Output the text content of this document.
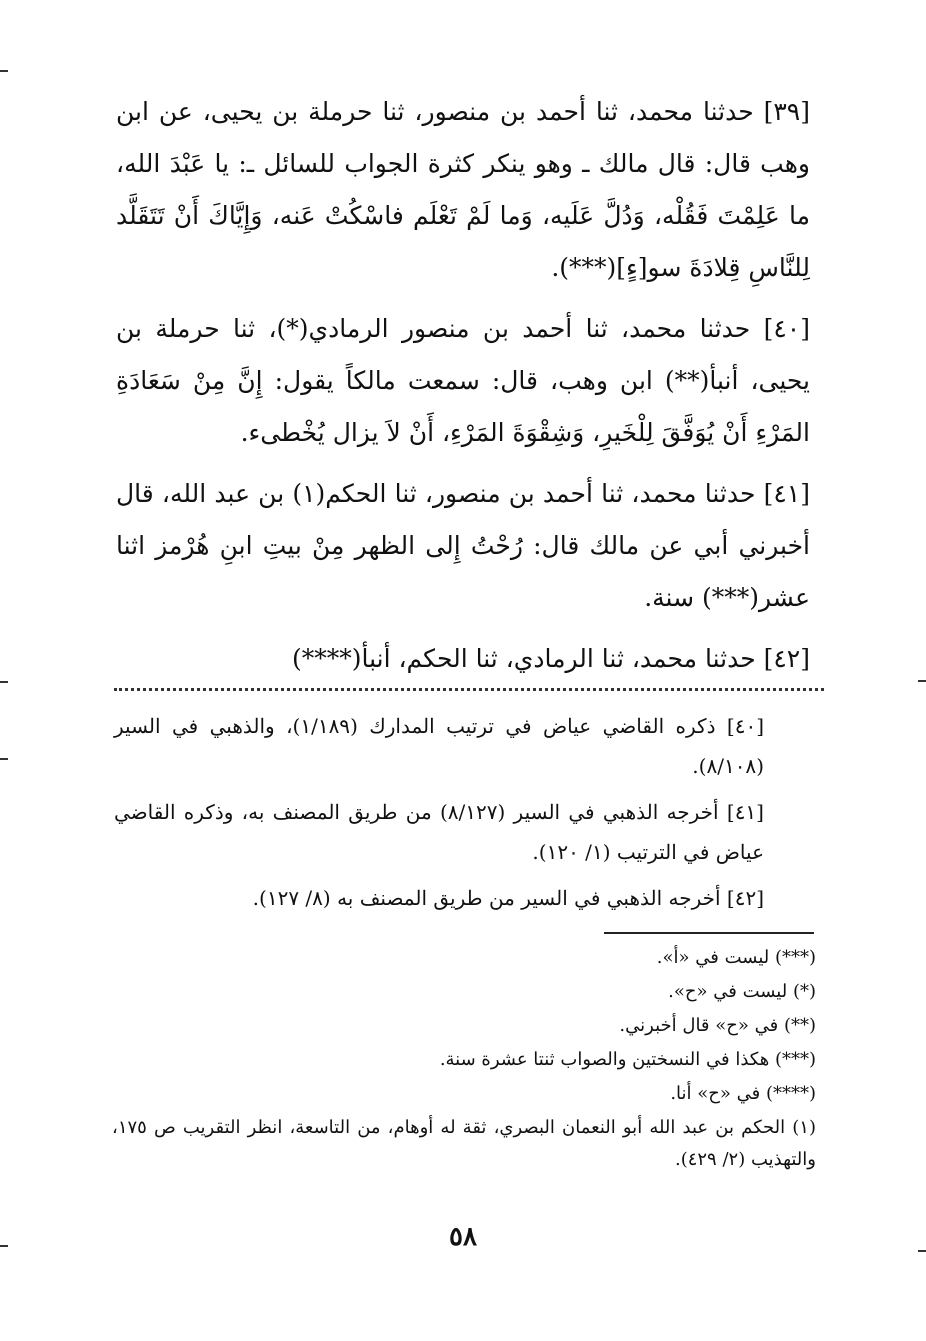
[٣٩] حدثنا محمد، ثنا أحمد بن منصور، ثنا حرملة بن يحيى، عن ابن وهب قال: قال مالك ـ وهو ينكر كثرة الجواب للسائل ـ: يا عَبْدَ الله، ما عَلِمْتَ فَقُلْه، وَدُلَّ عَلَيه، وَما لَمْ تَعْلَم فاسْكُتْ عَنه، وَإِيَّاكَ أَنْ تَتَقَلَّد لِلنَّاسِ قِلادَةَ سو[ءٍ](***).

[٤٠] حدثنا محمد، ثنا أحمد بن منصور الرمادي(*)، ثنا حرملة بن يحيى، أنبأ(**) ابن وهب، قال: سمعت مالكاً يقول: إِنَّ مِنْ سَعَادَةِ المَرْءِ أَنْ يُوَفَّقَ لِلْخَيرِ، وَشِقْوَةَ المَرْءِ، أَنْ لاَ يزال يُخْطىء.

[٤١] حدثنا محمد، ثنا أحمد بن منصور، ثنا الحكم(١) بن عبد الله، قال أخبرني أبي عن مالك قال: رُحْتُ إِلى الظهر مِنْ بيتِ ابنِ هُرْمز اثنا عشر(***) سنة.

[٤٢] حدثنا محمد، ثنا الرمادي، ثنا الحكم، أنبأ(****)

[٤٠] ذكره القاضي عياض في ترتيب المدارك (١/١٨٩)، والذهبي في السير (٨/١٠٨).

[٤١] أخرجه الذهبي في السير (٨/١٢٧) من طريق المصنف به، وذكره القاضي عياض في الترتيب (١/ ١٢٠).

[٤٢] أخرجه الذهبي في السير من طريق المصنف به (٨/ ١٢٧).

(***) ليست في «أ».

(*) ليست في «ح».

(**) في «ح» قال أخبرني.

(***) هكذا في النسختين والصواب ثنتا عشرة سنة.

(****) في «ح» أنا.

(١) الحكم بن عبد الله أبو النعمان البصري، ثقة له أوهام، من التاسعة، انظر التقريب ص ١٧٥، والتهذيب (٢/ ٤٢٩).

٥٨
